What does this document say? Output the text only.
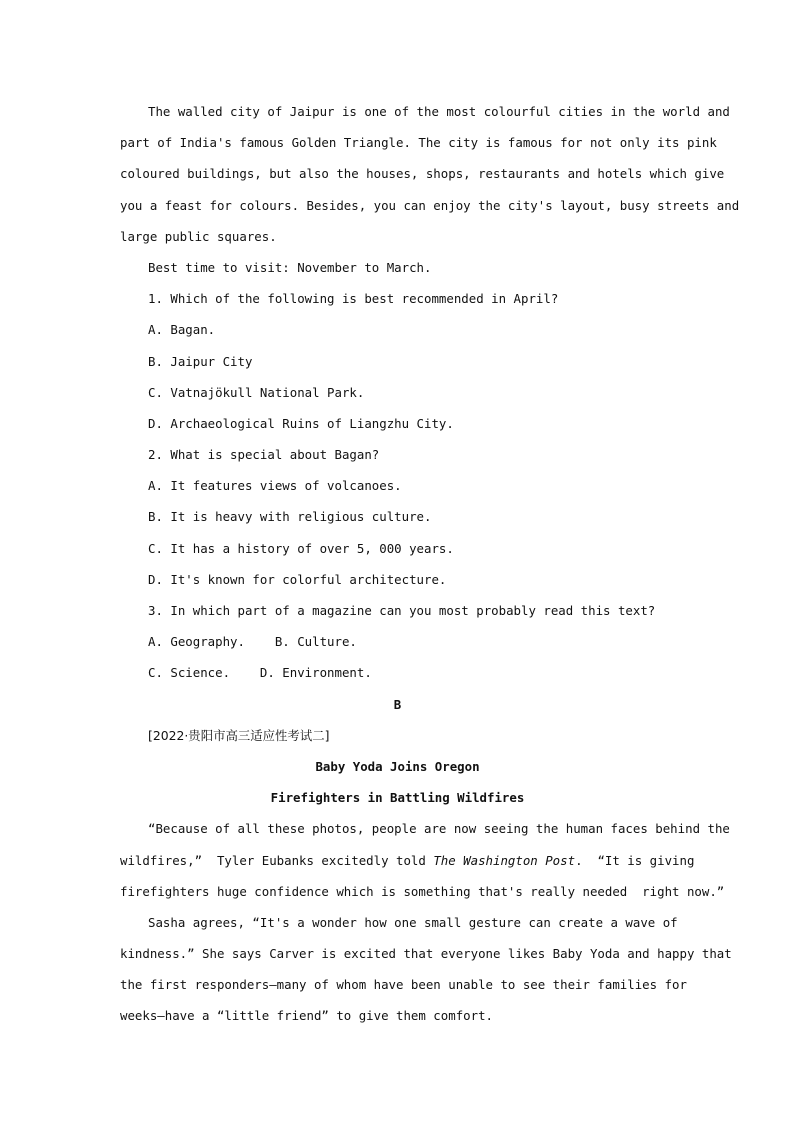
The walled city of Jaipur is one of the most colourful cities in the world and
part of India's famous Golden Triangle. The city is famous for not only its pink
coloured buildings, but also the houses, shops, restaurants and hotels which give
you a feast for colours. Besides, you can enjoy the city's layout, busy streets and
large public squares.
Best time to visit: November to March.
1. Which of the following is best recommended in April?
A. Bagan.
B. Jaipur City
C. Vatnajökull National Park.
D. Archaeological Ruins of Liangzhu City.
2. What is special about Bagan?
A. It features views of volcanoes.
B. It is heavy with religious culture.
C. It has a history of over 5, 000 years.
D. It's known for colorful architecture.
3. In which part of a magazine can you most probably read this text?
A. Geography.    B. Culture.
C. Science.    D. Environment.
B
[2022·贵阳市高三适应性考试二]
Baby Yoda Joins Oregon
Firefighters in Battling Wildfires
“Because of all these photos, people are now seeing the human faces behind the
wildfires,”  Tyler Eubanks excitedly told The Washington Post.  “It is giving
firefighters huge confidence which is something that's really needed  right now.”
Sasha agrees, “It's a wonder how one small gesture can create a wave of
kindness.” She says Carver is excited that everyone likes Baby Yoda and happy that
the first responders—many of whom have been unable to see their families for
weeks—have a “little friend” to give them comfort.
